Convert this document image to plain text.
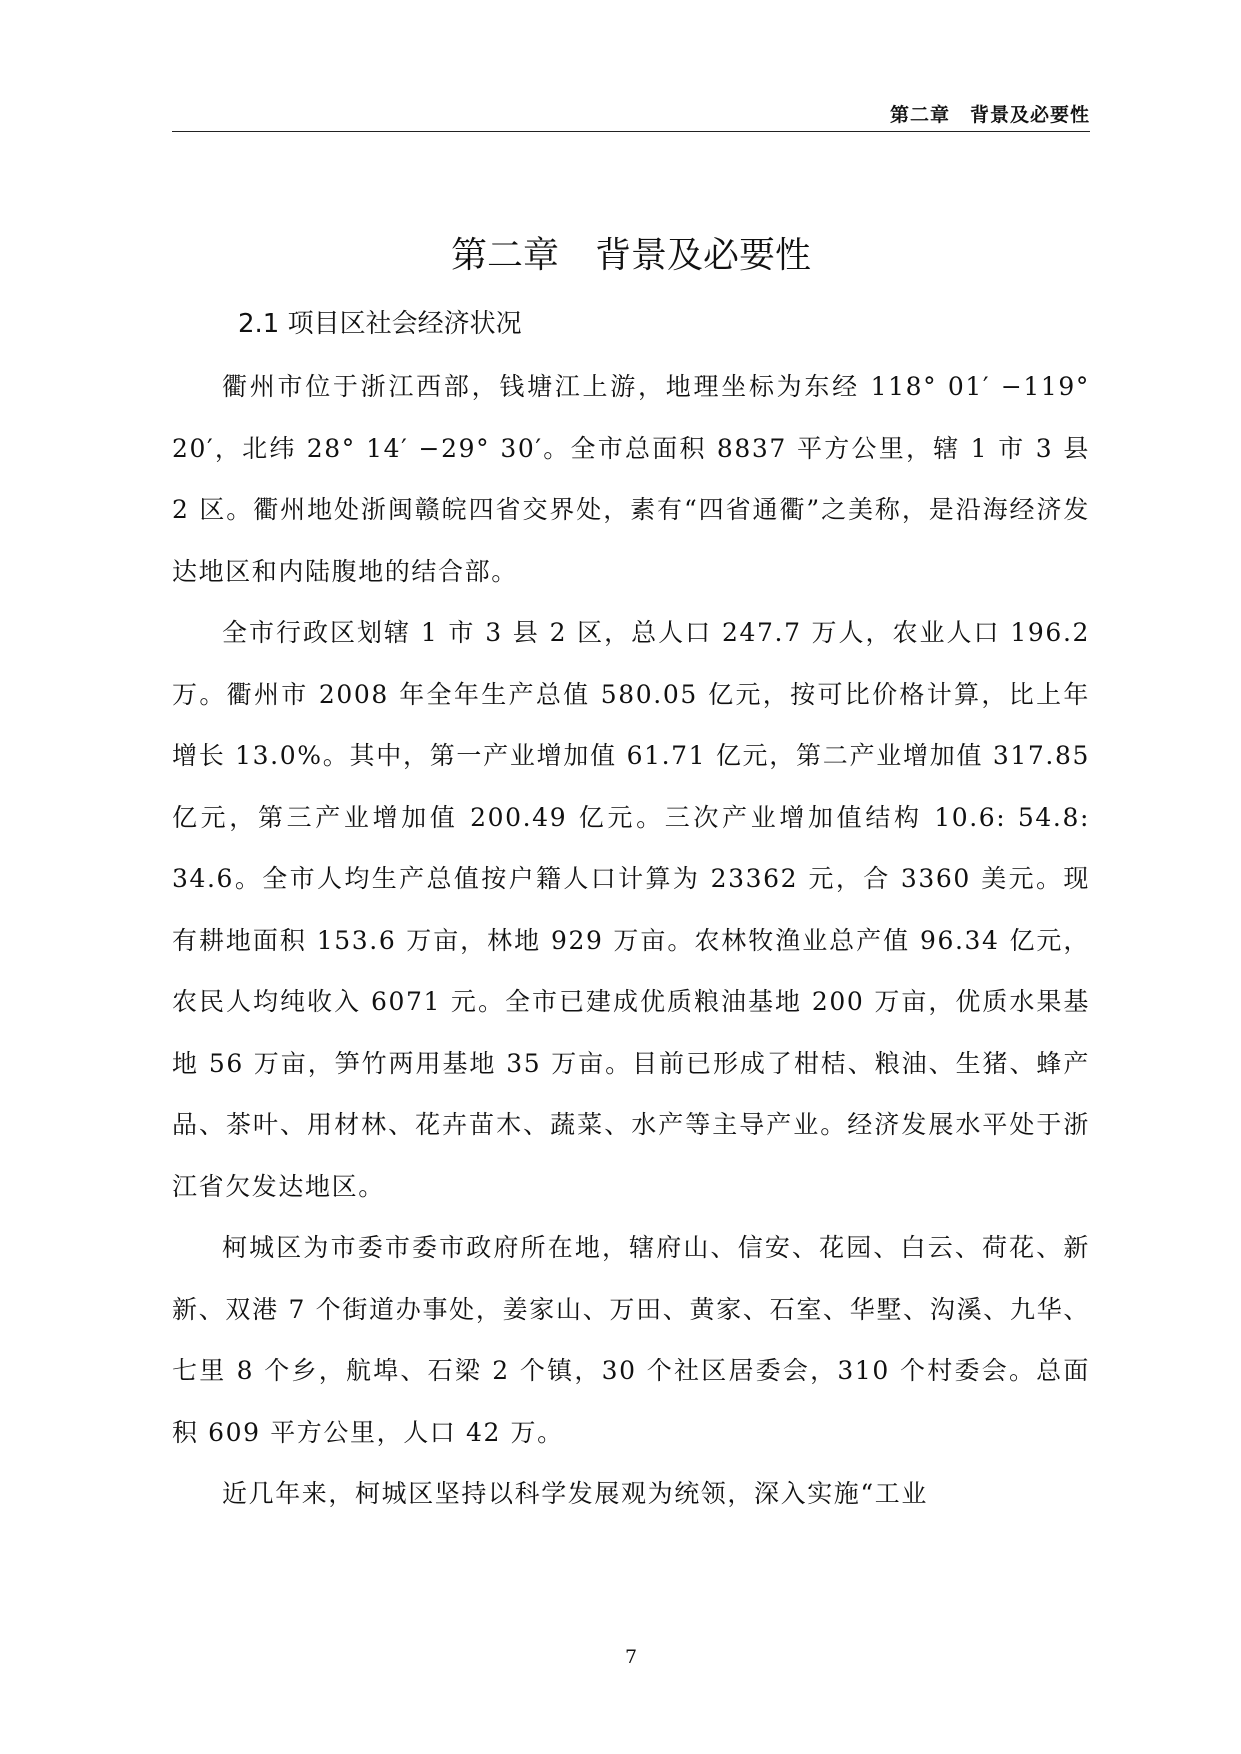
第二章　背景及必要性
第二章　背景及必要性
2.1 项目区社会经济状况

衢州市位于浙江西部，钱塘江上游，地理坐标为东经 118° 01′ −119° 20′，北纬 28° 14′ −29° 30′。全市总面积 8837 平方公里，辖 1 市 3 县 2 区。衢州地处浙闽赣皖四省交界处，素有“四省通衢”之美称，是沿海经济发达地区和内陆腹地的结合部。

全市行政区划辖 1 市 3 县 2 区，总人口 247.7 万人，农业人口 196.2 万。衢州市 2008 年全年生产总值 580.05 亿元，按可比价格计算，比上年增长 13.0%。其中，第一产业增加值 61.71 亿元，第二产业增加值 317.85 亿元，第三产业增加值 200.49 亿元。三次产业增加值结构 10.6: 54.8: 34.6。全市人均生产总值按户籍人口计算为 23362 元，合 3360 美元。现有耕地面积 153.6 万亩，林地 929 万亩。农林牧渔业总产值 96.34 亿元，农民人均纯收入 6071 元。全市已建成优质粮油基地 200 万亩，优质水果基地 56 万亩，笋竹两用基地 35 万亩。目前已形成了柑桔、粮油、生猪、蜂产品、茶叶、用材林、花卉苗木、蔬菜、水产等主导产业。经济发展水平处于浙江省欠发达地区。

柯城区为市委市委市政府所在地，辖府山、信安、花园、白云、荷花、新新、双港 7 个街道办事处，姜家山、万田、黄家、石室、华墅、沟溪、九华、七里 8 个乡，航埠、石梁 2 个镇，30 个社区居委会，310 个村委会。总面积 609 平方公里，人口 42 万。

近几年来，柯城区坚持以科学发展观为统领，深入实施“工业

7
